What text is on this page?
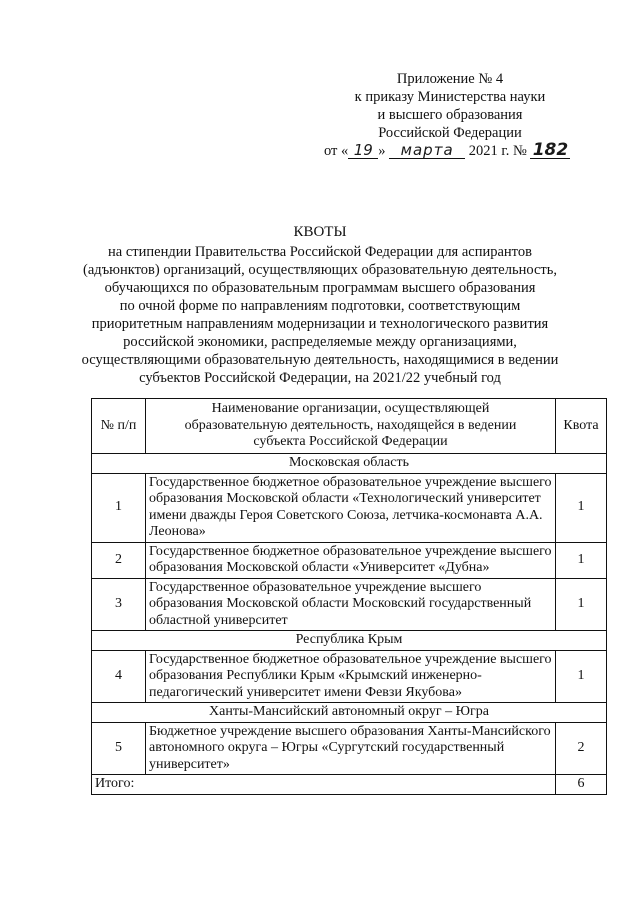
Приложение № 4
к приказу Министерства науки
и высшего образования
Российской Федерации
от « 19 » марта 2021 г. № 182
КВОТЫ
на стипендии Правительства Российской Федерации для аспирантов
(адъюнктов) организаций, осуществляющих образовательную деятельность,
обучающихся по образовательным программам высшего образования
по очной форме по направлениям подготовки, соответствующим
приоритетным направлениям модернизации и технологического развития
российской экономики, распределяемые между организациями,
осуществляющими образовательную деятельность, находящимися в ведении
субъектов Российской Федерации, на 2021/22 учебный год
№ п/п	Наименование организации, осуществляющей образовательную деятельность, находящейся в ведении субъекта Российской Федерации	Квота
Московская область		
1	Государственное бюджетное образовательное учреждение высшего образования Московской области «Технологический университет имени дважды Героя Советского Союза, летчика-космонавта А.А. Леонова»	1
2	Государственное бюджетное образовательное учреждение высшего образования Московской области «Университет «Дубна»	1
3	Государственное образовательное учреждение высшего образования Московской области Московский государственный областной университет	1
Республика Крым		
4	Государственное бюджетное образовательное учреждение высшего образования Республики Крым «Крымский инженерно-педагогический университет имени Февзи Якубова»	1
Ханты-Мансийский автономный округ – Югра		
5	Бюджетное учреждение высшего образования Ханты-Мансийского автономного округа – Югры «Сургутский государственный университет»	2
Итого:		6
